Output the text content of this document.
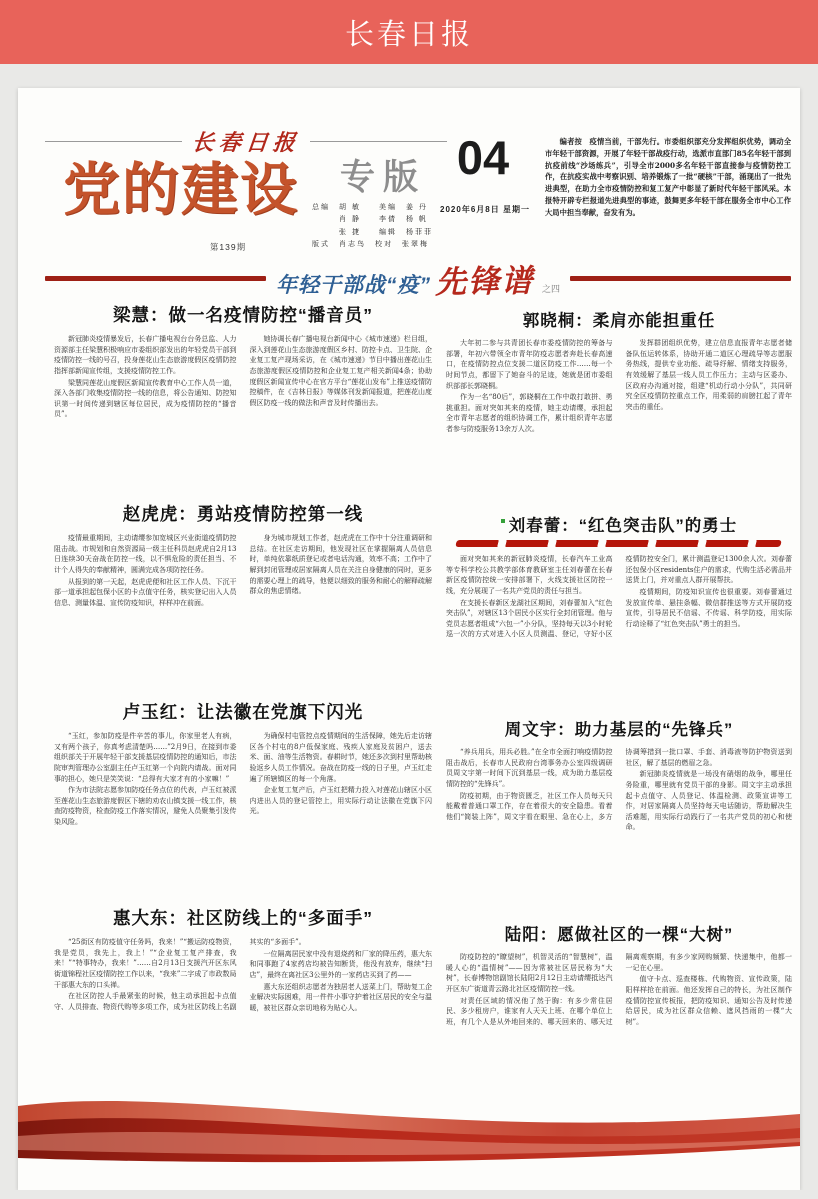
长春日报
长春日报
党的建设	专版

总编　胡 敏　　美编　姜 丹

　　　肖 静　　李倩　杨 帆

　　　张 捷　　编辑　杨菲菲

版式　肖志鸟　校对　张翠梅

第139期
04
2020年6月8日 星期一
编者按　疫情当前，干部先行。市委组织部充分发挥组织优势，调动全市年轻干部资源，开展了年轻干部战疫行动，选派市直部门85名年轻干部到抗疫前线“沙场练兵”，引导全市2000多名年轻干部直接参与疫情防控工作，在抗疫实战中考察识别、培养锻炼了一批“硬核”干部，涌现出了一批先进典型，在助力全市疫情防控和复工复产中彰显了新时代年轻干部风采。本报特开辟专栏报道先进典型的事迹，鼓舞更多年轻干部在服务全市中心工作大局中担当奉献，奋发有为。
年轻干部战“疫” 先锋谱 之四
梁慧：做一名疫情防控“播音员”

新冠肺炎疫情暴发后，长春广播电视台台务总监、人力资源部主任梁慧积极响应市委组织部发出的年轻党员干部到疫情防控一线的号召，投身莲花山生态旅游度假区疫情防控指挥部新闻宣传组，支援疫情防控工作。

梁慧同莲花山度假区新闻宣传教育中心工作人员一道，深入各部门收集疫情防控一线的信息，将公告通知、防控知识第一时间传递到辖区每位居民，成为疫情防控的“播音员”。

她协调长春广播电视台新闻中心《城市速递》栏目组，深入到莲花山生态旅游度假区乡村、防控卡点、卫生院、企业复工复产现场采访，在《城市速递》节目中播出莲花山生态旅游度假区疫情防控和企业复工复产相关新闻4条；协助度假区新闻宣传中心在官方平台“莲花山发布”上推送疫情防控稿件，在《吉林日报》等媒体刊发新闻报道，把莲花山度假区防疫一线的做法和声音及时传播出去。

赵虎虎：勇站疫情防控第一线

疫情最重期间，主动请缨参加宽城区兴业街道疫情防控阻击战。市规划和自然资源局一级主任科员赵虎虎自2月13日连续30天奋战在防控一线，以不惧危险的责任担当、不计个人得失的奉献精神，圆满完成各项防控任务。

从报到的第一天起，赵虎虎便和社区工作人员、下沉干部一道承担起包保小区的卡点值守任务，核实登记出入人员信息、测量体温、宣传防疫知识，样样冲在前面。

身为城市规划工作者，赵虎虎在工作中十分注重调研和总结。在社区走访期间，他发现社区在掌握隔离人员信息时，单纯依靠纸质登记或者电话沟通，效率不高；工作中了解到封闭管理或居家隔离人员在关注自身健康的同时，更多的需要心理上的疏导，他便以细致的服务和耐心的解释疏解群众的焦虑情绪。

卢玉红：让法徽在党旗下闪光

“玉红，参加防疫是件辛苦的事儿，你家里老人有病，又有两个孩子，你真考虑清楚吗……”2月9日，在接到市委组织部关于开展年轻干部支援基层疫情防控的通知后，市法院审判管理办公室副主任卢玉红第一个向院内请战。面对同事的担心，她只是笑笑说：“总得有大家才有的小家嘛！”

作为市法院志愿参加防疫任务点位的代表，卢玉红被派至莲花山生态旅游度假区下辖的劝农山镇支援一线工作，核查防疫物资，检查防疫工作落实情况，避免人员聚集引发传染风险。

为确保村屯管控点疫情期间的生活保障，她先后走访辖区各个村屯的8户低保家庭、残疾人家庭及贫困户，送去米、面、油等生活物资。春耕时节，她还多次到村里帮助核验返乡人员工作情况。奋战在防疫一线的日子里，卢玉红走遍了所辖镇区的每一个角落。

企业复工复产后，卢玉红把精力投入对莲花山辖区小区内进出人员的登记管控上，用实际行动让法徽在党旗下闪光。

惠大东：社区防线上的“多面手”

“25街区有防疫值守任务吗，我来！”“搬运防疫物资，我是党员，我先上，我上！”“企业复工复产排查，我来！”“特事特办，我来！”……自2月13日支援汽开区东风街道锦程社区疫情防控工作以来，“我来”二字成了市政数局干部惠大东的口头禅。

在社区防控人手最紧张的时候，他主动承担起卡点值守、人员排查、物资代购等多项工作，成为社区防线上名副其实的“多面手”。

一位隔离居民家中没有退烧药和厂家的降压药，惠大东和同事跑了4家药店均被告知断货，他没有放弃，继续“扫店”，最终在离社区3公里外的一家药店买到了药——

惠大东还组织志愿者为独居老人送菜上门，帮助复工企业解决实际困难，用一件件小事守护着社区居民的安全与温暖，被社区群众亲切地称为贴心人。

郭晓桐：柔肩亦能担重任

大年初二参与共青团长春市委疫情防控的筹备与部署，年初六带领全市青年防疫志愿者奔赴长春高速口，在疫情防控点位支援二道区防疫工作……每一个时间节点，都留下了她奋斗的足迹，她就是团市委组织部部长郭晓桐。

作为一名“80后”，郭晓桐在工作中敢打敢拼、勇挑重担。面对突如其来的疫情，她主动请缨，承担起全市青年志愿者的组织协调工作，累计组织青年志愿者参与防疫服务13余万人次。

发挥群团组织优势，建立信息直报青年志愿者储备队伍运转体系，协助开通二道区心理疏导等志愿服务热线，提供专业功能、疏导纾解、情绪支持服务，有效缓解了基层一线人员工作压力；主动与区委办、区政府办沟通对接，组建“机动行动小分队”，共同研究全区疫情防控重点工作，用柔弱的肩膀扛起了青年突击的重任。

刘春蕾：“红色突击队”的勇士

面对突如其来的新冠肺炎疫情，长春汽车工业高等专科学校公共教学部体育教研室主任刘春蕾在长春新区疫情防控统一安排部署下，火线支援社区防控一线，充分展现了一名共产党员的责任与担当。

在支援长春新区龙湖社区期间，刘春蕾加入“红色突击队”，对辖区13个居民小区实行全封闭管理。他与党员志愿者组成“六包一”小分队，坚持每天以3小时轮巡一次的方式对进入小区人员测温、登记，守好小区疫情防控安全门，累计测温登记1300余人次。刘春蕾还包保小区residents住户的需求，代购生活必需品并送货上门，并对重点人群开展帮扶。

疫情期间，防疫知识宣传也很重要。刘春蕾通过发放宣传单、悬挂条幅、微信群推送等方式开展防疫宣传，引导居民不信谣、不传谣、科学防疫，用实际行动诠释了“红色突击队”勇士的担当。

周文宇：助力基层的“先锋兵”

“养兵用兵，用兵必胜。”在全市全面打响疫情防控阻击战后，长春市人民政府台湾事务办公室四级调研员周文宇第一时间下沉到基层一线，成为助力基层疫情防控的“先锋兵”。

防疫初期，由于物资匮乏，社区工作人员每天只能戴着普通口罩工作，存在着很大的安全隐患。看着他们“简装上阵”，周文宇看在眼里、急在心上，多方协调筹措到一批口罩、手套、消毒液等防护物资送到社区，解了基层的燃眉之急。

新冠肺炎疫情就是一场没有硝烟的战争，哪里任务险重，哪里就有党员干部的身影。周文宇主动承担起卡点值守、人员登记、体温检测、政策宣讲等工作，对居家隔离人员坚持每天电话随访，帮助解决生活难题，用实际行动践行了一名共产党员的初心和使命。

陆阳：愿做社区的一棵“大树”

防疫防控的“瞭望树”，机智灵活的“智慧树”，温暖人心的“温情树”——因为常被社区居民称为“大树”，长春博物馆副馆长陆阳2月12日主动请缨抵达汽开区东广街道青云路北社区疫情防控一线。

对责任区域的情况他了然于胸：有多少常住居民、多少租房户，谁家有人天天上班、在哪个单位上班，有几个人是从外地回来的、哪天回来的、哪天过隔离观察期，有多少家网购频繁、快递集中，他都一一记在心里。

值守卡点、巡查楼栋、代购物资、宣传政策，陆阳样样抢在前面。他还发挥自己的特长，为社区制作疫情防控宣传板报，把防疫知识、通知公告及时传递给居民，成为社区群众信赖、遮风挡雨的一棵“大树”。
